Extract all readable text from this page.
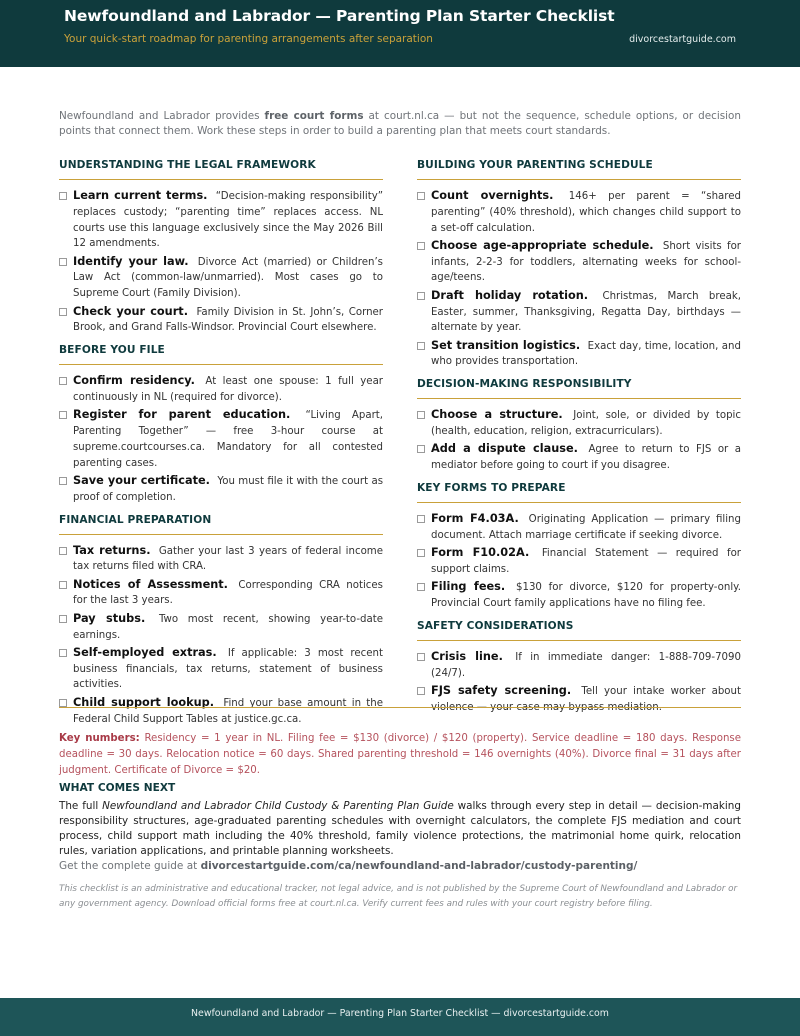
Newfoundland and Labrador — Parenting Plan Starter Checklist
Your quick-start roadmap for parenting arrangements after separation	divorcestartguide.com

Newfoundland and Labrador provides free court forms at court.nl.ca — but not the sequence, schedule options, or decision points that connect them. Work these steps in order to build a parenting plan that meets court standards.

UNDERSTANDING THE LEGAL FRAMEWORK
Learn current terms. “Decision-making responsibility” replaces custody; “parenting time” replaces access. NL courts use this language exclusively since the May 2026 Bill 12 amendments.
Identify your law. Divorce Act (married) or Children’s Law Act (common-law/unmarried). Most cases go to Supreme Court (Family Division).
Check your court. Family Division in St. John’s, Corner Brook, and Grand Falls-Windsor. Provincial Court elsewhere.
BEFORE YOU FILE
Confirm residency. At least one spouse: 1 full year continuously in NL (required for divorce).
Register for parent education. “Living Apart, Parenting Together” — free 3-hour course at supreme.courtcourses.ca. Mandatory for all contested parenting cases.
Save your certificate. You must file it with the court as proof of completion.
FINANCIAL PREPARATION
Tax returns. Gather your last 3 years of federal income tax returns filed with CRA.
Notices of Assessment. Corresponding CRA notices for the last 3 years.
Pay stubs. Two most recent, showing year-to-date earnings.
Self-employed extras. If applicable: 3 most recent business financials, tax returns, statement of business activities.
Child support lookup. Find your base amount in the Federal Child Support Tables at justice.gc.ca.
BUILDING YOUR PARENTING SCHEDULE
Count overnights. 146+ per parent = “shared parenting” (40% threshold), which changes child support to a set-off calculation.
Choose age-appropriate schedule. Short visits for infants, 2-2-3 for toddlers, alternating weeks for school-age/teens.
Draft holiday rotation. Christmas, March break, Easter, summer, Thanksgiving, Regatta Day, birthdays — alternate by year.
Set transition logistics. Exact day, time, location, and who provides transportation.
DECISION-MAKING RESPONSIBILITY
Choose a structure. Joint, sole, or divided by topic (health, education, religion, extracurriculars).
Add a dispute clause. Agree to return to FJS or a mediator before going to court if you disagree.
KEY FORMS TO PREPARE
Form F4.03A. Originating Application — primary filing document. Attach marriage certificate if seeking divorce.
Form F10.02A. Financial Statement — required for support claims.
Filing fees. $130 for divorce, $120 for property-only. Provincial Court family applications have no filing fee.
SAFETY CONSIDERATIONS
Crisis line. If in immediate danger: 1-888-709-7090 (24/7).
FJS safety screening. Tell your intake worker about violence — your case may bypass mediation.

Key numbers: Residency = 1 year in NL. Filing fee = $130 (divorce) / $120 (property). Service deadline = 180 days. Response deadline = 30 days. Relocation notice = 60 days. Shared parenting threshold = 146 overnights (40%). Divorce final = 31 days after judgment. Certificate of Divorce = $20.

WHAT COMES NEXT

The full Newfoundland and Labrador Child Custody & Parenting Plan Guide walks through every step in detail — decision-making responsibility structures, age-graduated parenting schedules with overnight calculators, the complete FJS mediation and court process, child support math including the 40% threshold, family violence protections, the matrimonial home quirk, relocation rules, variation applications, and printable planning worksheets.

Get the complete guide at divorcestartguide.com/ca/newfoundland-and-labrador/custody-parenting/

This checklist is an administrative and educational tracker, not legal advice, and is not published by the Supreme Court of Newfoundland and Labrador or any government agency. Download official forms free at court.nl.ca. Verify current fees and rules with your court registry before filing.

Newfoundland and Labrador — Parenting Plan Starter Checklist — divorcestartguide.com
